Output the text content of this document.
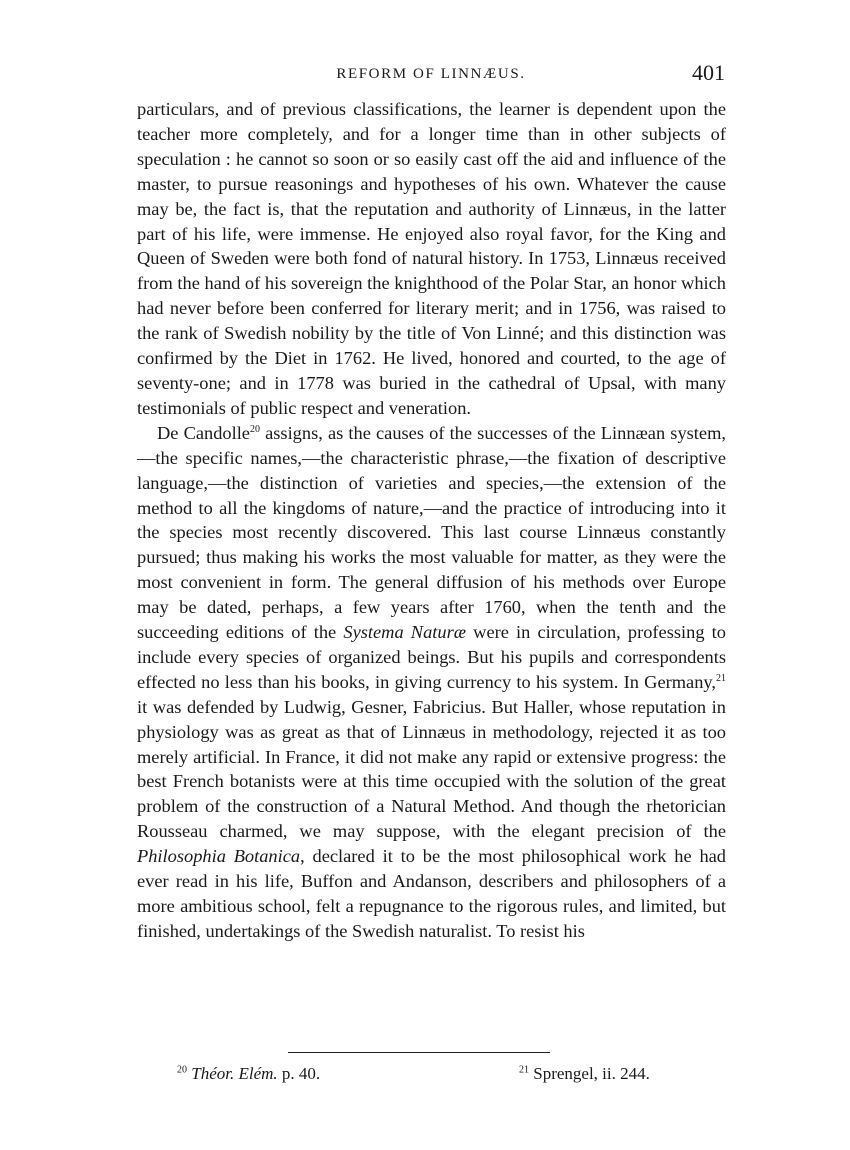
REFORM OF LINNÆUS.	401

particulars, and of previous classifications, the learner is dependent upon the teacher more completely, and for a longer time than in other subjects of speculation : he cannot so soon or so easily cast off the aid and influence of the master, to pursue reasonings and hypotheses of his own. Whatever the cause may be, the fact is, that the reputation and authority of Linnæus, in the latter part of his life, were immense. He enjoyed also royal favor, for the King and Queen of Sweden were both fond of natural history. In 1753, Linnæus received from the hand of his sovereign the knighthood of the Polar Star, an honor which had never before been conferred for literary merit; and in 1756, was raised to the rank of Swedish nobility by the title of Von Linné; and this distinction was confirmed by the Diet in 1762. He lived, honored and courted, to the age of seventy-one; and in 1778 was buried in the cathedral of Upsal, with many testimonials of public respect and veneration.

De Candolle$^{20}$ assigns, as the causes of the successes of the Linnæan system,—the specific names,—the characteristic phrase,—the fixation of descriptive language,—the distinction of varieties and species,—the extension of the method to all the kingdoms of nature,—and the practice of introducing into it the species most recently discovered. This last course Linnæus constantly pursued; thus making his works the most valuable for matter, as they were the most convenient in form. The general diffusion of his methods over Europe may be dated, perhaps, a few years after 1760, when the tenth and the succeeding editions of the Systema Naturæ were in circulation, professing to include every species of organized beings. But his pupils and correspondents effected no less than his books, in giving currency to his system. In Germany,$^{21}$ it was defended by Ludwig, Gesner, Fabricius. But Haller, whose reputation in physiology was as great as that of Linnæus in methodology, rejected it as too merely artificial. In France, it did not make any rapid or extensive progress: the best French botanists were at this time occupied with the solution of the great problem of the construction of a Natural Method. And though the rhetorician Rousseau charmed, we may suppose, with the elegant precision of the Philosophia Botanica, declared it to be the most philosophical work he had ever read in his life, Buffon and Andanson, describers and philosophers of a more ambitious school, felt a repugnance to the rigorous rules, and limited, but finished, undertakings of the Swedish naturalist. To resist his

$^{20}$ Théor. Elém. p. 40.	$^{21}$ Sprengel, ii. 244.
